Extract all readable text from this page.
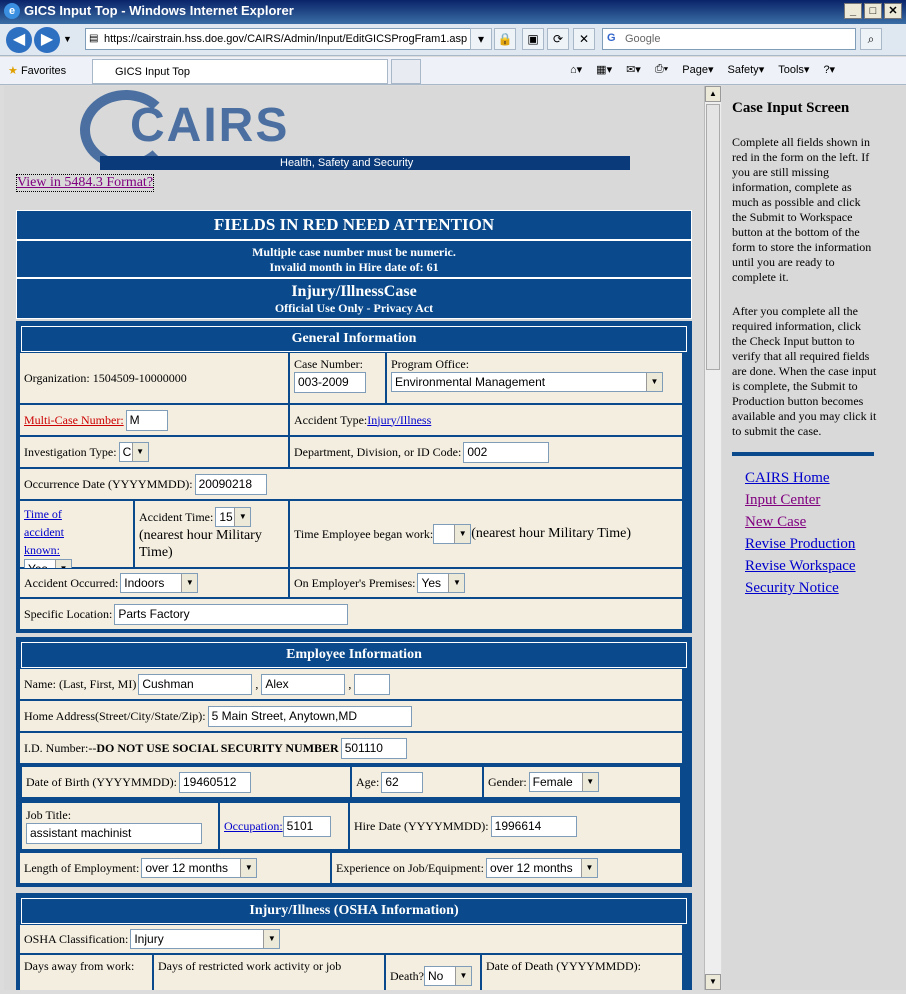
e GICS Input Top - Windows Internet Explorer	_	□	✕
◀ ▶	▼ ▤ https://cairstrain.hss.doe.gov/CAIRS/Admin/Input/EditGICSProgFram1.asp ▾	🔒	▣	⟳	✕	G Google	⌕
★ Favorites	GICS Input Top	⌂▾ ▦▾ ✉▾ ⎙▾ Page▾ Safety▾ Tools▾ ?▾
CAIRS
Health, Safety and Security
View in 5484.3 Format?
FIELDS IN RED NEED ATTENTION
Multiple case number must be numeric.
Invalid month in Hire date of: 61
Injury/IllnessCase
Official Use Only - Privacy Act
General Information
Organization: 1504509-10000000
Case Number:
003-2009
Program Office:
Environmental Management	▼
Multi-Case Number: M	Accident Type: Injury/Illness
Investigation Type: C ▼	Department, Division, or ID Code: 002
Occurrence Date (YYYYMMDD): 20090218
Time of accident known:
Accident Time: 15 ▼
(nearest hour Military Time)
Time Employee began work:	▼ (nearest hour Military Time)
Accident Occurred: Indoors	▼	On Employer's Premises: Yes	▼
Specific Location: Parts Factory
Employee Information
Name: (Last, First, MI) Cushman	, Alex	,
Home Address(Street/City/State/Zip): 5 Main Street, Anytown,MD
I.D. Number:-- DO NOT USE SOCIAL SECURITY NUMBER 501110
Date of Birth (YYYYMMDD): 19460512	Age: 62	Gender: Female	▼
Job Title:
assistant machinist
Occupation: 5101	Hire Date (YYYYMMDD): 1996614
Length of Employment: over 12 months	▼	Experience on Job/Equipment: over 12 months	▼
Injury/Illness (OSHA Information)
OSHA Classification: Injury	▼
Days away from work: Days of restricted work activity or job
Death? No	▼
Date of Death (YYYYMMDD):
▲
▼
Case Input Screen

Complete all fields shown in red in the form on the left. If you are still missing information, complete as much as possible and click the Submit to Workspace button at the bottom of the form to store the information until you are ready to complete it.

After you complete all the required information, click the Check Input button to verify that all required fields are done. When the case input is complete, the Submit to Production button becomes available and you may click it to submit the case.

CAIRS Home
Input Center
New Case
Revise Production
Revise Workspace
Security Notice
